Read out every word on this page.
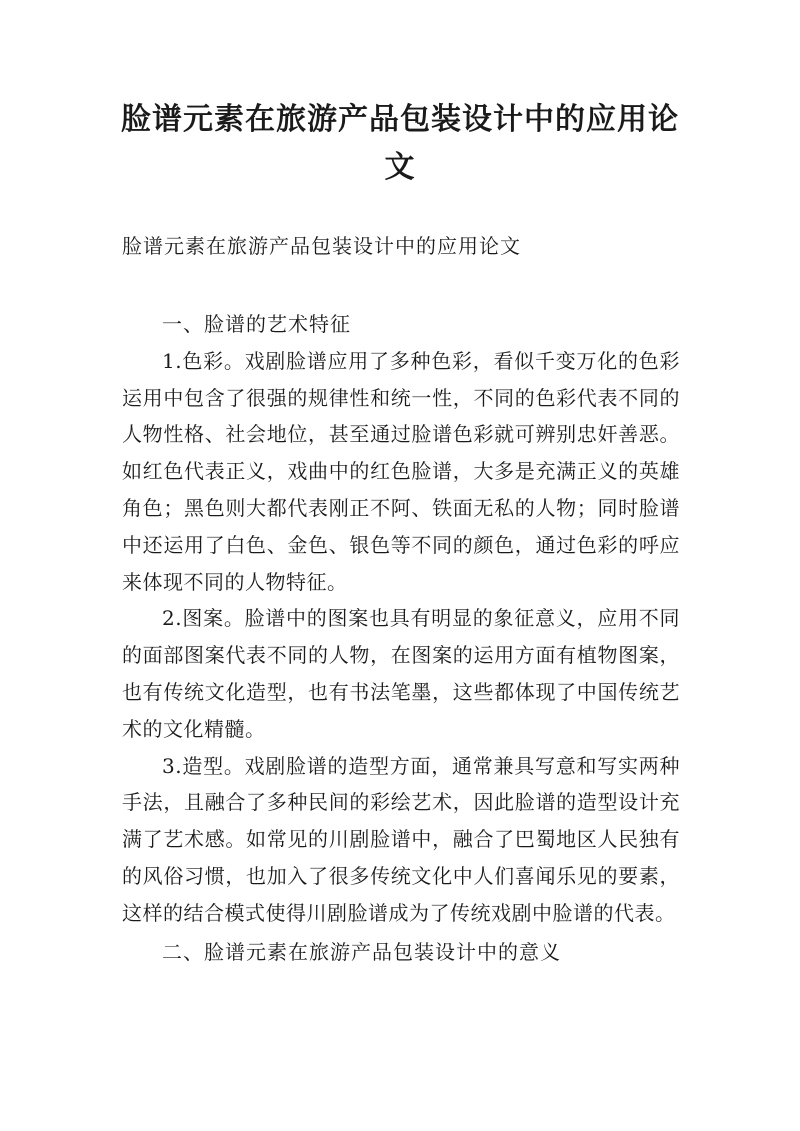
脸谱元素在旅游产品包装设计中的应用论文

脸谱元素在旅游产品包装设计中的应用论文

一、脸谱的艺术特征

1.色彩。戏剧脸谱应用了多种色彩，看似千变万化的色彩运用中包含了很强的规律性和统一性，不同的色彩代表不同的人物性格、社会地位，甚至通过脸谱色彩就可辨别忠奸善恶。如红色代表正义，戏曲中的红色脸谱，大多是充满正义的英雄角色；黑色则大都代表刚正不阿、铁面无私的人物；同时脸谱中还运用了白色、金色、银色等不同的颜色，通过色彩的呼应来体现不同的人物特征。

2.图案。脸谱中的图案也具有明显的象征意义，应用不同的面部图案代表不同的人物，在图案的运用方面有植物图案，也有传统文化造型，也有书法笔墨，这些都体现了中国传统艺术的文化精髓。

3.造型。戏剧脸谱的造型方面，通常兼具写意和写实两种手法，且融合了多种民间的彩绘艺术，因此脸谱的造型设计充满了艺术感。如常见的川剧脸谱中，融合了巴蜀地区人民独有的风俗习惯，也加入了很多传统文化中人们喜闻乐见的要素，这样的结合模式使得川剧脸谱成为了传统戏剧中脸谱的代表。

二、脸谱元素在旅游产品包装设计中的意义
